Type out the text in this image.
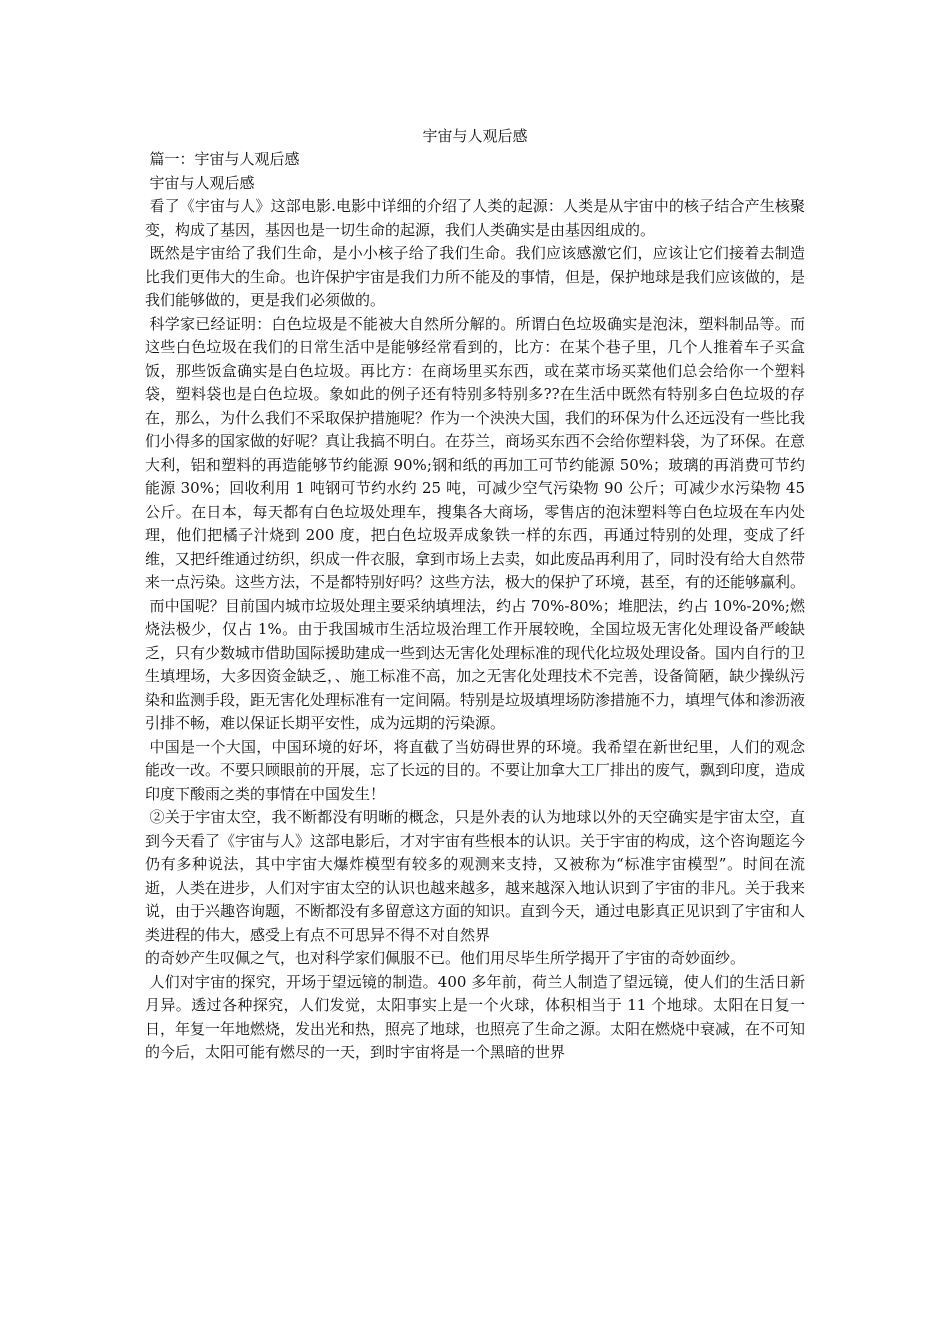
宇宙与人观后感

篇一：宇宙与人观后感

宇宙与人观后感

看了《宇宙与人》这部电影.电影中详细的介绍了人类的起源：人类是从宇宙中的核子结合产生核聚变，构成了基因，基因也是一切生命的起源，我们人类确实是由基因组成的。

既然是宇宙给了我们生命，是小小核子给了我们生命。我们应该感激它们，应该让它们接着去制造比我们更伟大的生命。也许保护宇宙是我们力所不能及的事情，但是，保护地球是我们应该做的，是我们能够做的，更是我们必须做的。

科学家已经证明：白色垃圾是不能被大自然所分解的。所谓白色垃圾确实是泡沫，塑料制品等。而这些白色垃圾在我们的日常生活中是能够经常看到的，比方：在某个巷子里，几个人推着车子买盒饭，那些饭盒确实是白色垃圾。再比方：在商场里买东西，或在菜市场买菜他们总会给你一个塑料袋，塑料袋也是白色垃圾。象如此的例子还有特别多特别多??在生活中既然有特别多白色垃圾的存在，那么，为什么我们不采取保护措施呢？作为一个泱泱大国，我们的环保为什么还远没有一些比我们小得多的国家做的好呢？真让我搞不明白。在芬兰，商场买东西不会给你塑料袋，为了环保。在意大利，铝和塑料的再造能够节约能源 90%;钢和纸的再加工可节约能源 50%；玻璃的再消费可节约能源 30%；回收利用 1 吨钢可节约水约 25 吨，可减少空气污染物 90 公斤；可减少水污染物 45 公斤。在日本，每天都有白色垃圾处理车，搜集各大商场，零售店的泡沫塑料等白色垃圾在车内处理，他们把橘子汁烧到 200 度，把白色垃圾弄成象铁一样的东西，再通过特别的处理，变成了纤维，又把纤维通过纺织，织成一件衣服，拿到市场上去卖，如此废品再利用了，同时没有给大自然带来一点污染。这些方法，不是都特别好吗？这些方法，极大的保护了环境，甚至，有的还能够赢利。

而中国呢？目前国内城市垃圾处理主要采纳填埋法，约占 70%-80%；堆肥法，约占 10%-20%;燃烧法极少，仅占 1%。由于我国城市生活垃圾治理工作开展较晚，全国垃圾无害化处理设备严峻缺乏，只有少数城市借助国际援助建成一些到达无害化处理标准的现代化垃圾处理设备。国内自行的卫生填埋场，大多因资金缺乏，、施工标准不高，加之无害化处理技术不完善，设备简陋，缺少操纵污染和监测手段，距无害化处理标准有一定间隔。特别是垃圾填埋场防渗措施不力，填埋气体和渗沥液引排不畅，难以保证长期平安性，成为远期的污染源。

中国是一个大国，中国环境的好坏，将直截了当妨碍世界的环境。我希望在新世纪里，人们的观念能改一改。不要只顾眼前的开展，忘了长远的目的。不要让加拿大工厂排出的废气，飘到印度，造成印度下酸雨之类的事情在中国发生！

②关于宇宙太空，我不断都没有明晰的概念，只是外表的认为地球以外的天空确实是宇宙太空，直到今天看了《宇宙与人》这部电影后，才对宇宙有些根本的认识。关于宇宙的构成，这个咨询题迄今仍有多种说法，其中宇宙大爆炸模型有较多的观测来支持，又被称为“标准宇宙模型”。时间在流逝，人类在进步，人们对宇宙太空的认识也越来越多，越来越深入地认识到了宇宙的非凡。关于我来说，由于兴趣咨询题，不断都没有多留意这方面的知识。直到今天，通过电影真正见识到了宇宙和人类进程的伟大，感受上有点不可思异不得不对自然界

的奇妙产生叹佩之气，也对科学家们佩服不已。他们用尽毕生所学揭开了宇宙的奇妙面纱。

人们对宇宙的探究，开场于望远镜的制造。400 多年前，荷兰人制造了望远镜，使人们的生活日新月异。透过各种探究，人们发觉，太阳事实上是一个火球，体积相当于 11 个地球。太阳在日复一日，年复一年地燃烧，发出光和热，照亮了地球，也照亮了生命之源。太阳在燃烧中衰减，在不可知的今后，太阳可能有燃尽的一天，到时宇宙将是一个黑暗的世界
